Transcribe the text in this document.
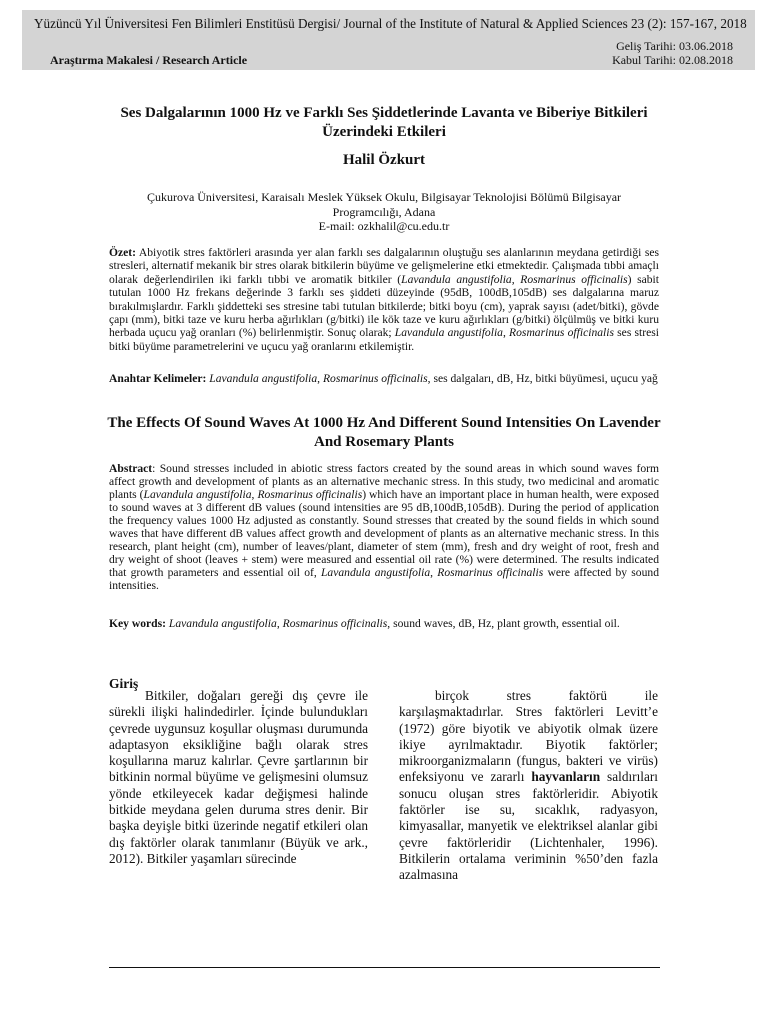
Yüzüncü Yıl Üniversitesi Fen Bilimleri Enstitüsü Dergisi/ Journal of the Institute of Natural & Applied Sciences 23 (2): 157-167, 2018
Araştırma Makalesi / Research Article
Geliş Tarihi: 03.06.2018
Kabul Tarihi: 02.08.2018
Ses Dalgalarının 1000 Hz ve Farklı Ses Şiddetlerinde Lavanta ve Biberiye Bitkileri Üzerindeki Etkileri
Halil Özkurt
Çukurova Üniversitesi, Karaisalı Meslek Yüksek Okulu, Bilgisayar Teknolojisi Bölümü Bilgisayar
Programcılığı, Adana
E-mail: ozkhalil@cu.edu.tr
Özet: Abiyotik stres faktörleri arasında yer alan farklı ses dalgalarının oluştuğu ses alanlarının meydana getirdiği ses stresleri, alternatif mekanik bir stres olarak bitkilerin büyüme ve gelişmelerine etki etmektedir. Çalışmada tıbbi amaçlı olarak değerlendirilen iki farklı tıbbi ve aromatik bitkiler (Lavandula angustifolia, Rosmarinus officinalis) sabit tutulan 1000 Hz frekans değerinde 3 farklı ses şiddeti düzeyinde (95dB, 100dB,105dB) ses dalgalarına maruz bırakılmışlardır. Farklı şiddetteki ses stresine tabi tutulan bitkilerde; bitki boyu (cm), yaprak sayısı (adet/bitki), gövde çapı (mm), bitki taze ve kuru herba ağırlıkları (g/bitki) ile kök taze ve kuru ağırlıkları (g/bitki) ölçülmüş ve bitki kuru herbada uçucu yağ oranları (%) belirlenmiştir. Sonuç olarak; Lavandula angustifolia, Rosmarinus officinalis ses stresi bitki büyüme parametrelerini ve uçucu yağ oranlarını etkilemiştir.
Anahtar Kelimeler: Lavandula angustifolia, Rosmarinus officinalis, ses dalgaları, dB, Hz, bitki büyümesi, uçucu yağ
The Effects Of Sound Waves At 1000 Hz And Different Sound Intensities On Lavender And Rosemary Plants
Abstract: Sound stresses included in abiotic stress factors created by the sound areas in which sound waves form affect growth and development of plants as an alternative mechanic stress. In this study, two medicinal and aromatic plants (Lavandula angustifolia, Rosmarinus officinalis) which have an important place in human health, were exposed to sound waves at 3 different dB values (sound intensities are 95 dB,100dB,105dB). During the period of application the frequency values 1000 Hz adjusted as constantly. Sound stresses that created by the sound fields in which sound waves that have different dB values affect growth and development of plants as an alternative mechanic stress. In this research, plant height (cm), number of leaves/plant, diameter of stem (mm), fresh and dry weight of root, fresh and dry weight of shoot (leaves + stem) were measured and essential oil rate (%) were determined. The results indicated that growth parameters and essential oil of, Lavandula angustifolia, Rosmarinus officinalis were affected by sound intensities.
Key words: Lavandula angustifolia, Rosmarinus officinalis, sound waves, dB, Hz, plant growth, essential oil.
Giriş
Bitkiler, doğaları gereği dış çevre ile sürekli ilişki halindedirler. İçinde bulundukları çevrede uygunsuz koşullar oluşması durumunda adaptasyon eksikliğine bağlı olarak stres koşullarına maruz kalırlar. Çevre şartlarının bir bitkinin normal büyüme ve gelişmesini olumsuz yönde etkileyecek kadar değişmesi halinde bitkide meydana gelen duruma stres denir. Bir başka deyişle bitki üzerinde negatif etkileri olan dış faktörler olarak tanımlanır (Büyük ve ark., 2012). Bitkiler yaşamları sürecinde
birçok stres faktörü ile karşılaşmaktadırlar. Stres faktörleri Levitt’e (1972) göre biyotik ve abiyotik olmak üzere ikiye ayrılmaktadır. Biyotik faktörler; mikroorganizmaların (fungus, bakteri ve virüs) enfeksiyonu ve zararlı hayvanların saldırıları sonucu oluşan stres faktörleridir. Abiyotik faktörler ise su, sıcaklık, radyasyon, kimyasallar, manyetik ve elektriksel alanlar gibi çevre faktörleridir (Lichtenhaler, 1996). Bitkilerin ortalama veriminin %50’den fazla azalmasına
